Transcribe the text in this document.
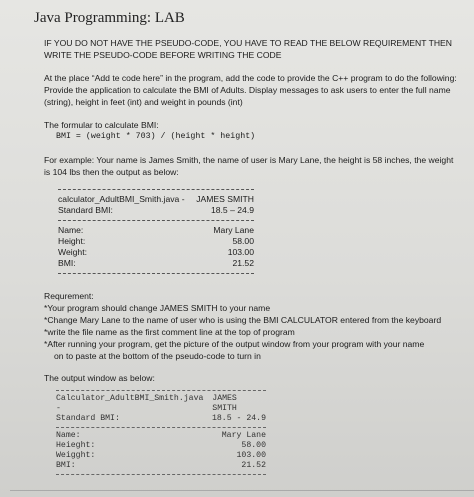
Java Programming: LAB

IF YOU DO NOT HAVE THE PSEUDO-CODE, YOU HAVE TO READ THE BELOW REQUIREMENT THEN WRITE THE PSEUDO-CODE BEFORE WRITING THE CODE

At the place “Add te code here” in the program, add the code to provide the C++ program to do the following: Provide the application to calculate the BMI of Adults. Display messages to ask users to enter the full name (string), height in feet (int) and weight in pounds (int)

The formular to calculate BMI:

BMI = (weight * 703) / (height * height)

For example: Your name is James Smith, the name of user is Mary Lane, the height is 58 inches, the weight is 104 lbs then the output as below:

calculator_AdultBMI_Smith.java - JAMES SMITH
Standard BMI:	18.5 – 24.9
Name:	Mary Lane
Height:	58.00
Weight:	103.00
BMI:	21.52

Requrement:

*Your program should change JAMES SMITH to your name

*Change Mary Lane to the name of user who is using the BMI CALCULATOR entered from the keyboard

*write the file name as the first comment line at the top of program

*After running your program, get the picture of the output window from your program with your name

on to paste at the bottom of the pseudo-code to turn in

The output window as below:

Calculator_AdultBMI_Smith.java -
JAMES SMITH
Standard BMI:	18.5 - 24.9
Name:	Mary Lane
Heieght:	58.00
Weigght:	103.00
BMI:	21.52
